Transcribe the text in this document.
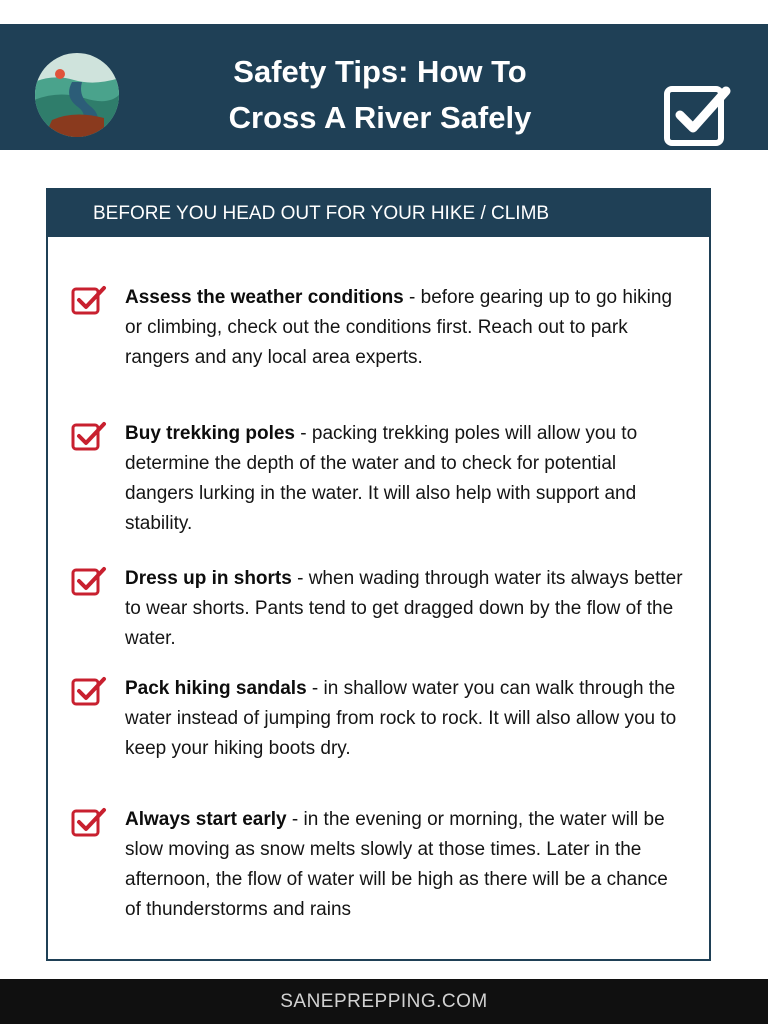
Safety Tips: How To
Cross A River Safely
BEFORE YOU HEAD OUT FOR YOUR HIKE / CLIMB
Assess the weather conditions - before gearing up to go hiking or climbing, check out the conditions first. Reach out to park rangers and any local area experts.
Buy trekking poles - packing trekking poles will allow you to determine the depth of the water and to check for potential dangers lurking in the water. It will also help with support and stability.
Dress up in shorts - when wading through water its always better to wear shorts. Pants tend to get dragged down by the flow of the water.
Pack hiking sandals - in shallow water you can walk through the water instead of jumping from rock to rock. It will also allow you to keep your hiking boots dry.
Always start early - in the evening or morning, the water will be slow moving as snow melts slowly at those times. Later in the afternoon, the flow of water will be high as there will be a chance of thunderstorms and rains
SANEPREPPING.COM
